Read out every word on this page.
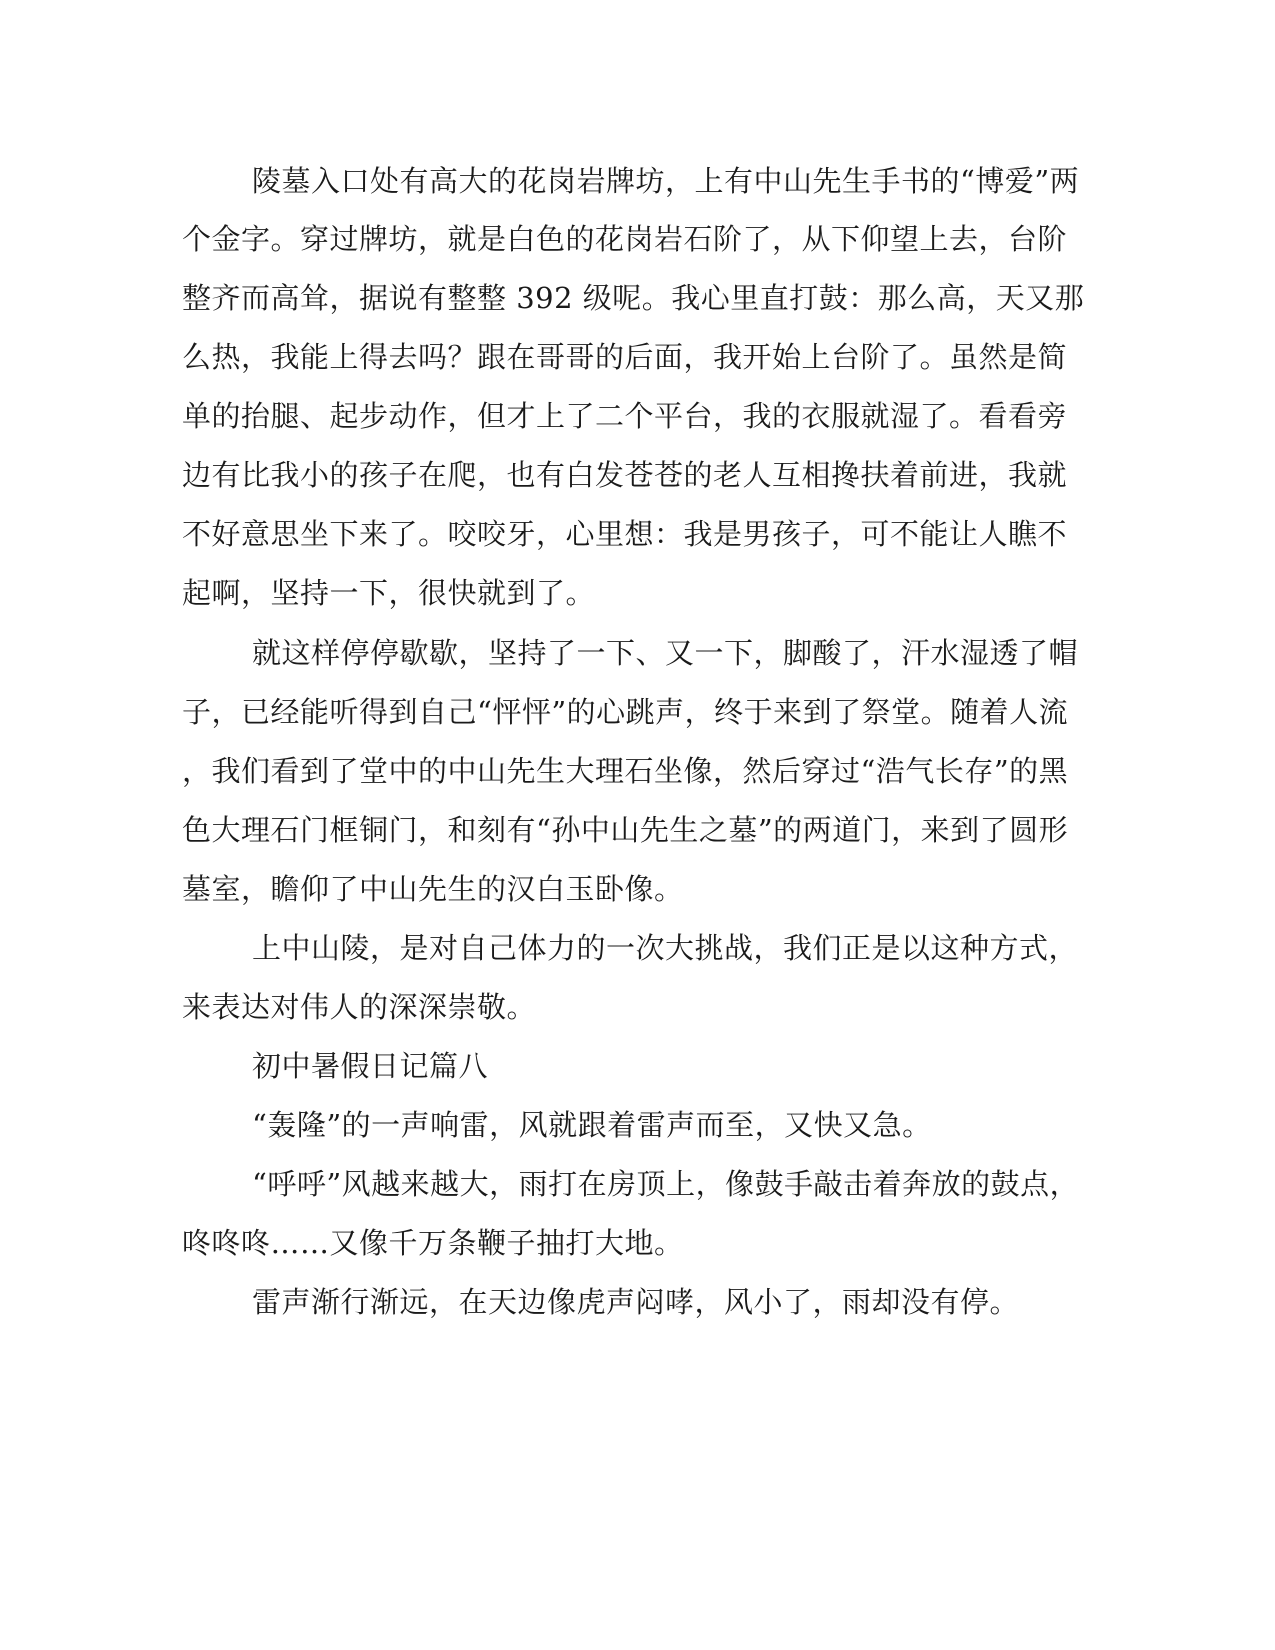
陵墓入口处有高大的花岗岩牌坊，上有中山先生手书的“博爱”两
个金字。穿过牌坊，就是白色的花岗岩石阶了，从下仰望上去，台阶
整齐而高耸，据说有整整 392 级呢。我心里直打鼓：那么高，天又那
么热，我能上得去吗？跟在哥哥的后面，我开始上台阶了。虽然是简
单的抬腿、起步动作，但才上了二个平台，我的衣服就湿了。看看旁
边有比我小的孩子在爬，也有白发苍苍的老人互相搀扶着前进，我就
不好意思坐下来了。咬咬牙，心里想：我是男孩子，可不能让人瞧不
起啊，坚持一下，很快就到了。
就这样停停歇歇，坚持了一下、又一下，脚酸了，汗水湿透了帽
子，已经能听得到自己“怦怦”的心跳声，终于来到了祭堂。随着人流
，我们看到了堂中的中山先生大理石坐像，然后穿过“浩气长存”的黑
色大理石门框铜门，和刻有“孙中山先生之墓”的两道门，来到了圆形
墓室，瞻仰了中山先生的汉白玉卧像。
上中山陵，是对自己体力的一次大挑战，我们正是以这种方式，
来表达对伟人的深深崇敬。
初中暑假日记篇八
“轰隆”的一声响雷，风就跟着雷声而至，又快又急。
“呼呼”风越来越大，雨打在房顶上，像鼓手敲击着奔放的鼓点，
咚咚咚……又像千万条鞭子抽打大地。
雷声渐行渐远，在天边像虎声闷哮，风小了，雨却没有停。
